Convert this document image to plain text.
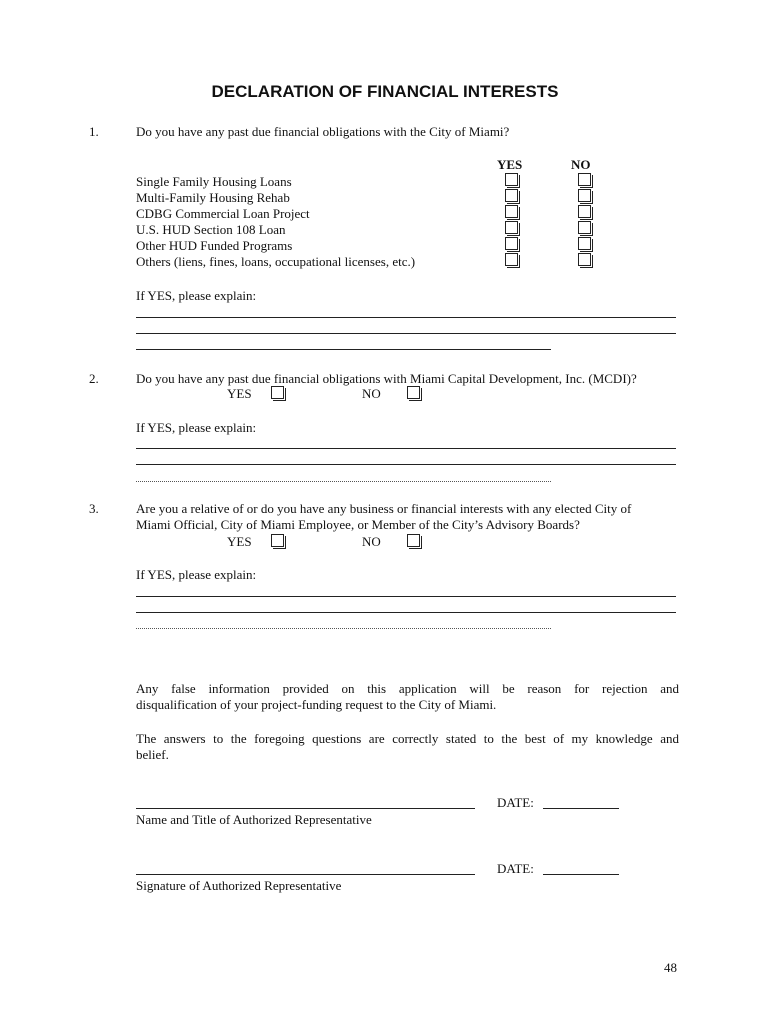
DECLARATION OF FINANCIAL INTERESTS
1.	Do you have any past due financial obligations with the City of Miami?
YES	NO
Single Family Housing Loans
Multi-Family Housing Rehab
CDBG Commercial Loan Project
U.S. HUD Section 108 Loan
Other HUD Funded Programs
Others (liens, fines, loans, occupational licenses, etc.)
If YES, please explain:
2.	Do you have any past due financial obligations with Miami Capital Development, Inc. (MCDI)?
YES	NO
If YES, please explain:
3.	Are you a relative of or do you have any business or financial interests with any elected City of
Miami Official, City of Miami Employee, or Member of the City’s Advisory Boards?
YES	NO
If YES, please explain:
Any false information provided on this application will be reason for rejection and
disqualification of your project-funding request to the City of Miami.
The answers to the foregoing questions are correctly stated to the best of my knowledge and
belief.
DATE:
Name and Title of Authorized Representative
DATE:
Signature of Authorized Representative
48
